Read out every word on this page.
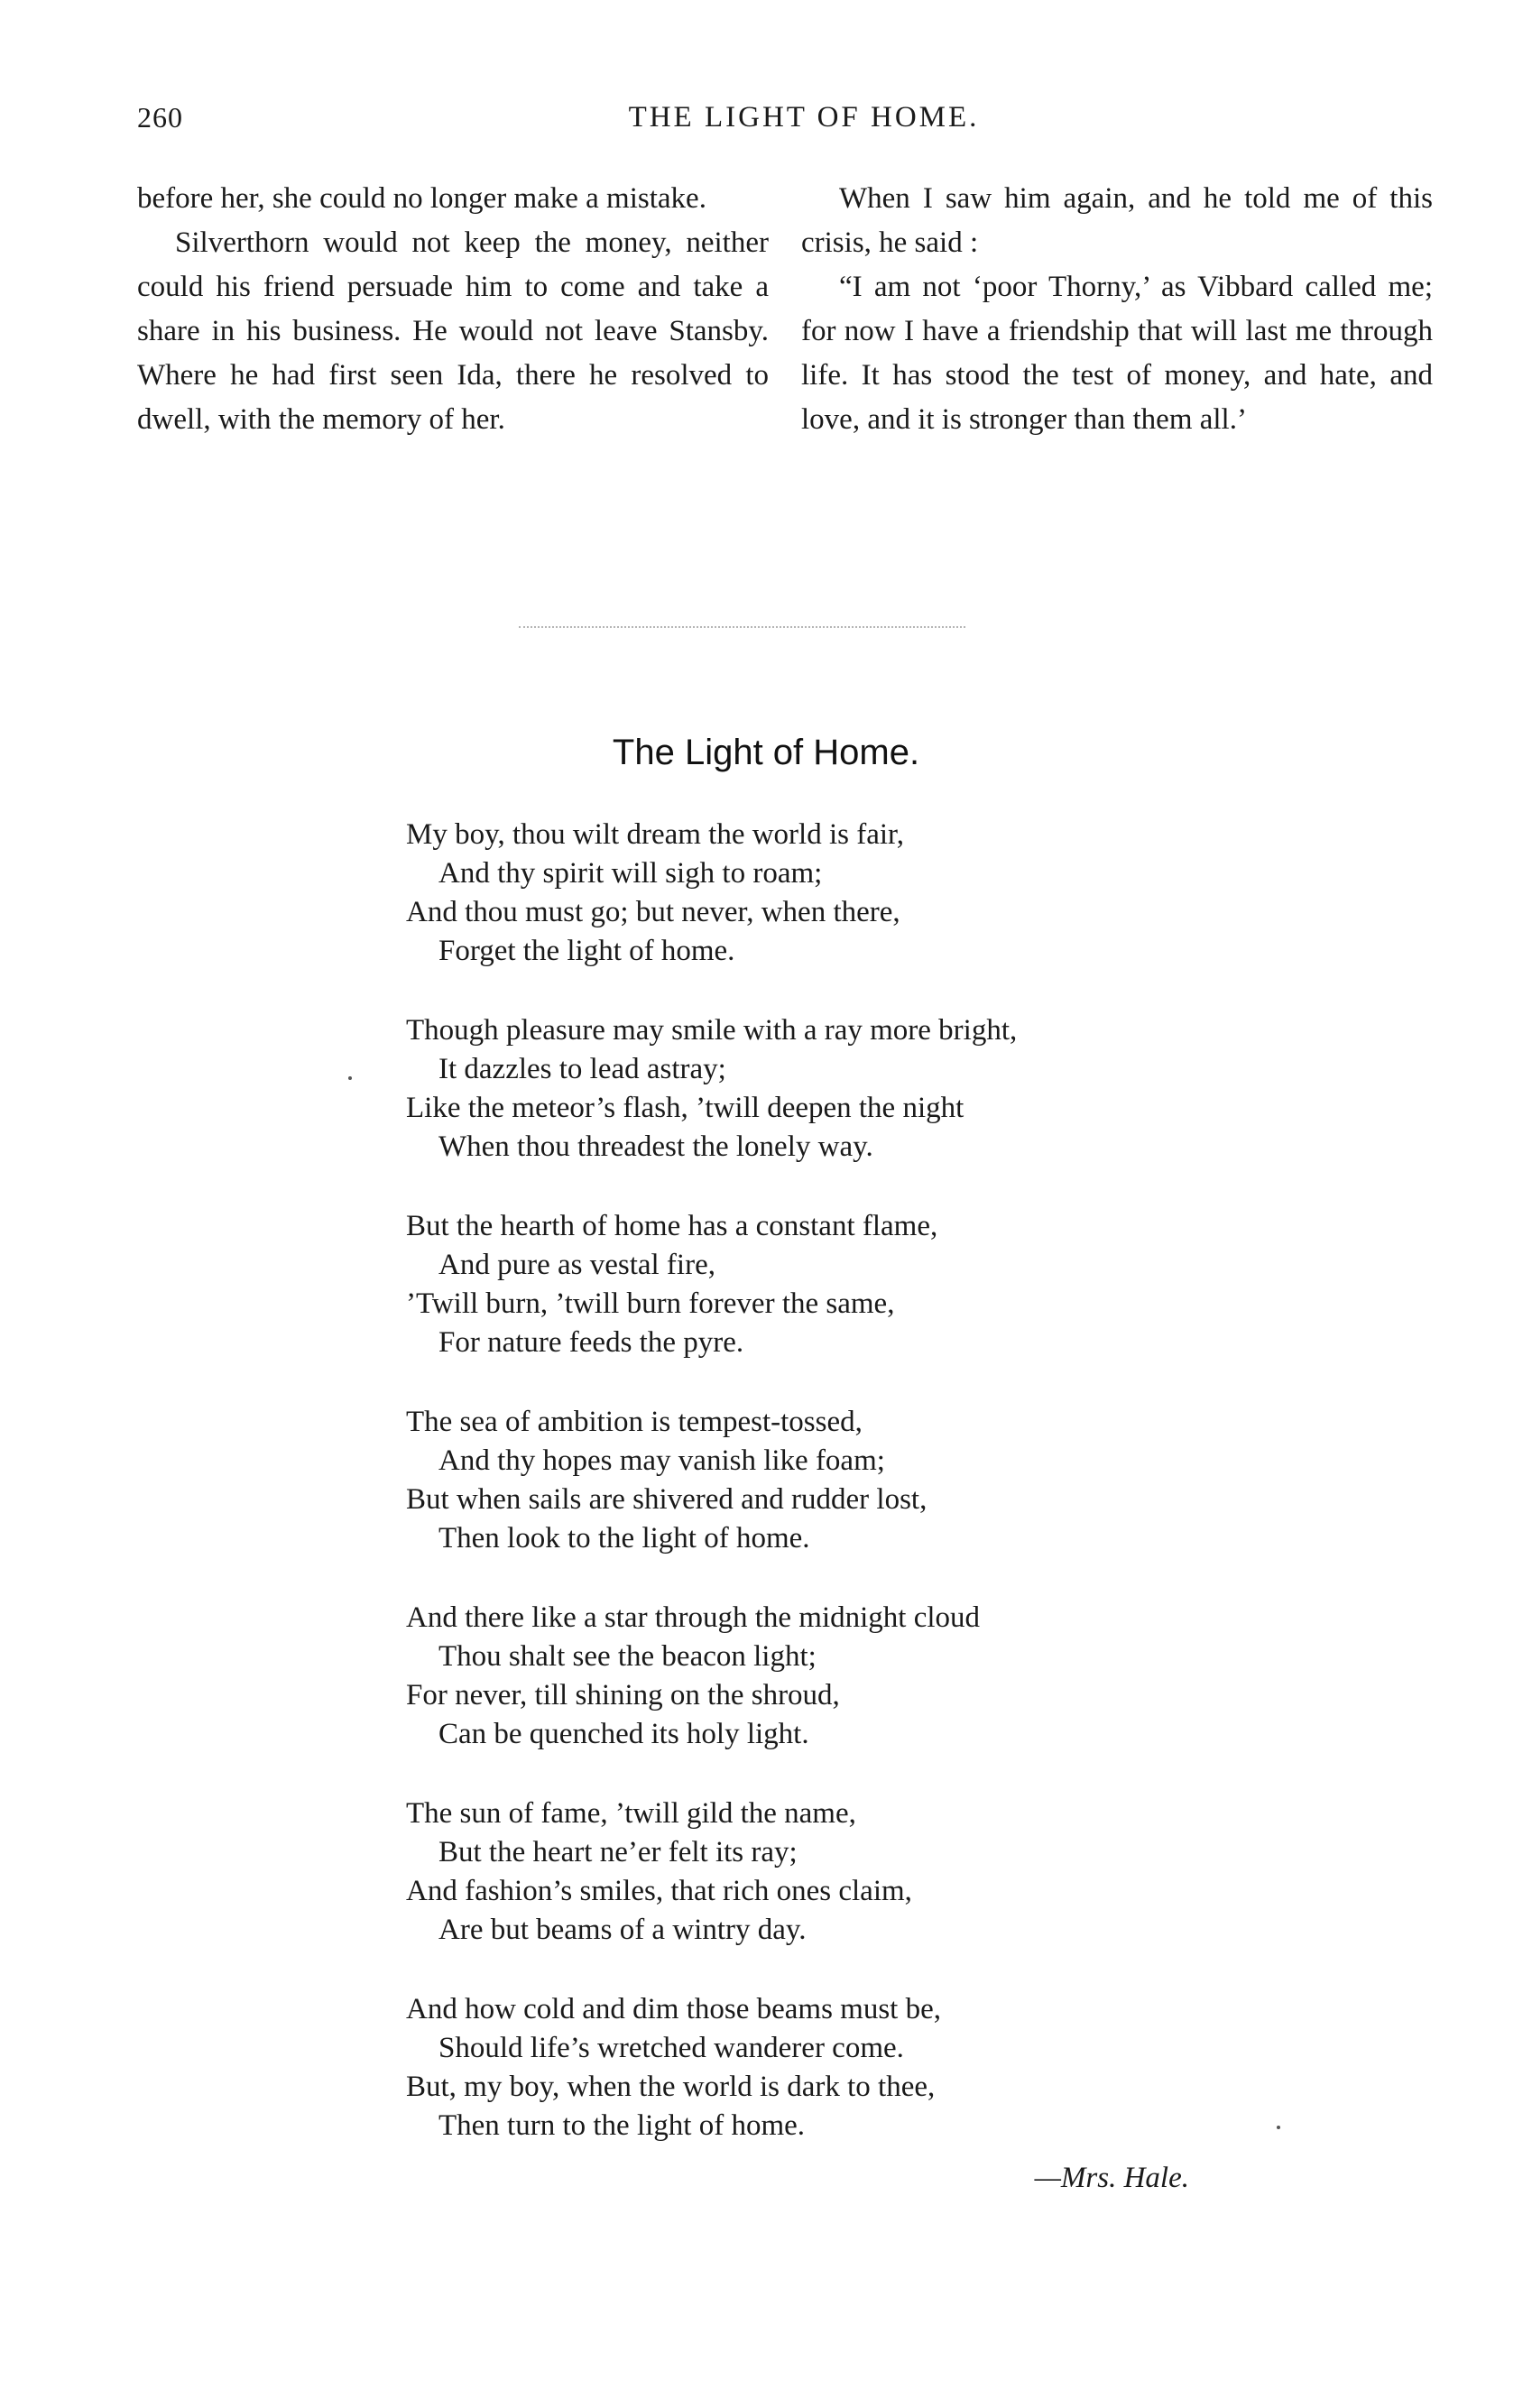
260	THE LIGHT OF HOME.

before her, she could no longer make a mistake.

Silverthorn would not keep the money, neither could his friend persuade him to come and take a share in his business. He would not leave Stansby. Where he had first seen Ida, there he resolved to dwell, with the memory of her.

When I saw him again, and he told me of this crisis, he said :

“I am not ‘poor Thorny,’ as Vibbard called me; for now I have a friendship that will last me through life. It has stood the test of money, and hate, and love, and it is stronger than them all.’

The Light of Home.
My boy, thou wilt dream the world is fair,
And thy spirit will sigh to roam;
And thou must go; but never, when there,
Forget the light of home.
Though pleasure may smile with a ray more bright,
It dazzles to lead astray;
Like the meteor’s flash, ’twill deepen the night
When thou threadest the lonely way.
But the hearth of home has a constant flame,
And pure as vestal fire,
’Twill burn, ’twill burn forever the same,
For nature feeds the pyre.
The sea of ambition is tempest-tossed,
And thy hopes may vanish like foam;
But when sails are shivered and rudder lost,
Then look to the light of home.
And there like a star through the midnight cloud
Thou shalt see the beacon light;
For never, till shining on the shroud,
Can be quenched its holy light.
The sun of fame, ’twill gild the name,
But the heart ne’er felt its ray;
And fashion’s smiles, that rich ones claim,
Are but beams of a wintry day.
And how cold and dim those beams must be,
Should life’s wretched wanderer come.
But, my boy, when the world is dark to thee,
Then turn to the light of home.
—Mrs. Hale.
